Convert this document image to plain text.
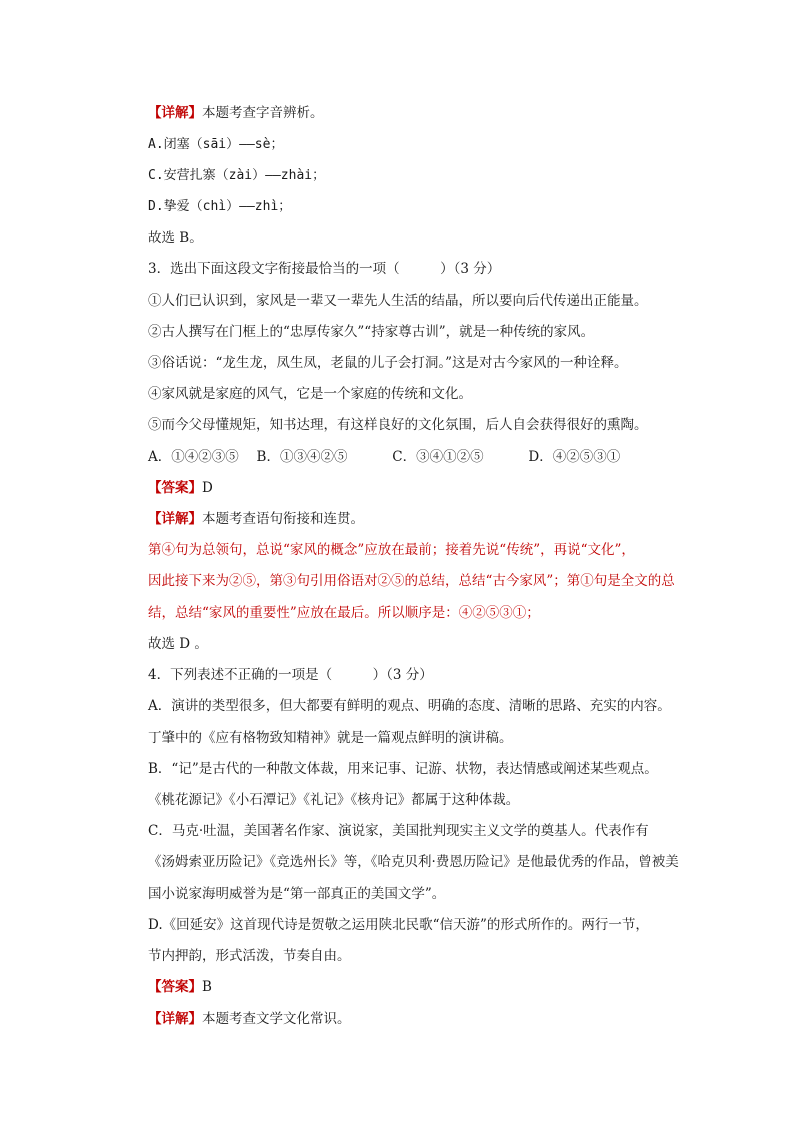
【详解】本题考查字音辨析。
A.闭塞（sāi）——sè；
C.安营扎寨（zài）——zhài；
D.挚爱（chì）——zhì；
故选 B。
3．选出下面这段文字衔接最恰当的一项（　　　）（3 分）
①人们已认识到，家风是一辈又一辈先人生活的结晶，所以要向后代传递出正能量。
②古人撰写在门框上的“忠厚传家久”“持家尊古训”，就是一种传统的家风。
③俗话说：“龙生龙，凤生凤，老鼠的儿子会打洞。”这是对古今家风的一种诠释。
④家风就是家庭的风气，它是一个家庭的传统和文化。
⑤而今父母懂规矩，知书达理，有这样良好的文化氛围，后人自会获得很好的熏陶。
A．①④②③⑤　 B．①③④②⑤　　　 C．③④①②⑤　　　 D．④②⑤③①
【答案】D
【详解】本题考查语句衔接和连贯。
第④句为总领句，总说“家风的概念”应放在最前；接着先说“传统”，再说“文化”，
因此接下来为②⑤，第③句引用俗语对②⑤的总结，总结“古今家风”；第①句是全文的总
结，总结“家风的重要性”应放在最后。所以顺序是：④②⑤③①；
故选 D 。
4．下列表述不正确的一项是（　　　）（3 分）
A．演讲的类型很多，但大都要有鲜明的观点、明确的态度、清晰的思路、充实的内容。
丁肇中的《应有格物致知精神》就是一篇观点鲜明的演讲稿。
B．“记”是古代的一种散文体裁，用来记事、记游、状物，表达情感或阐述某些观点。
《桃花源记》《小石潭记》《礼记》《核舟记》都属于这种体裁。
C．马克·吐温，美国著名作家、演说家，美国批判现实主义文学的奠基人。代表作有
《汤姆索亚历险记》《竞选州长》等，《哈克贝利·费恩历险记》是他最优秀的作品，曾被美
国小说家海明威誉为是“第一部真正的美国文学”。
D.《回延安》这首现代诗是贺敬之运用陕北民歌“信天游”的形式所作的。两行一节，
节内押韵，形式活泼，节奏自由。
【答案】B
【详解】本题考查文学文化常识。
